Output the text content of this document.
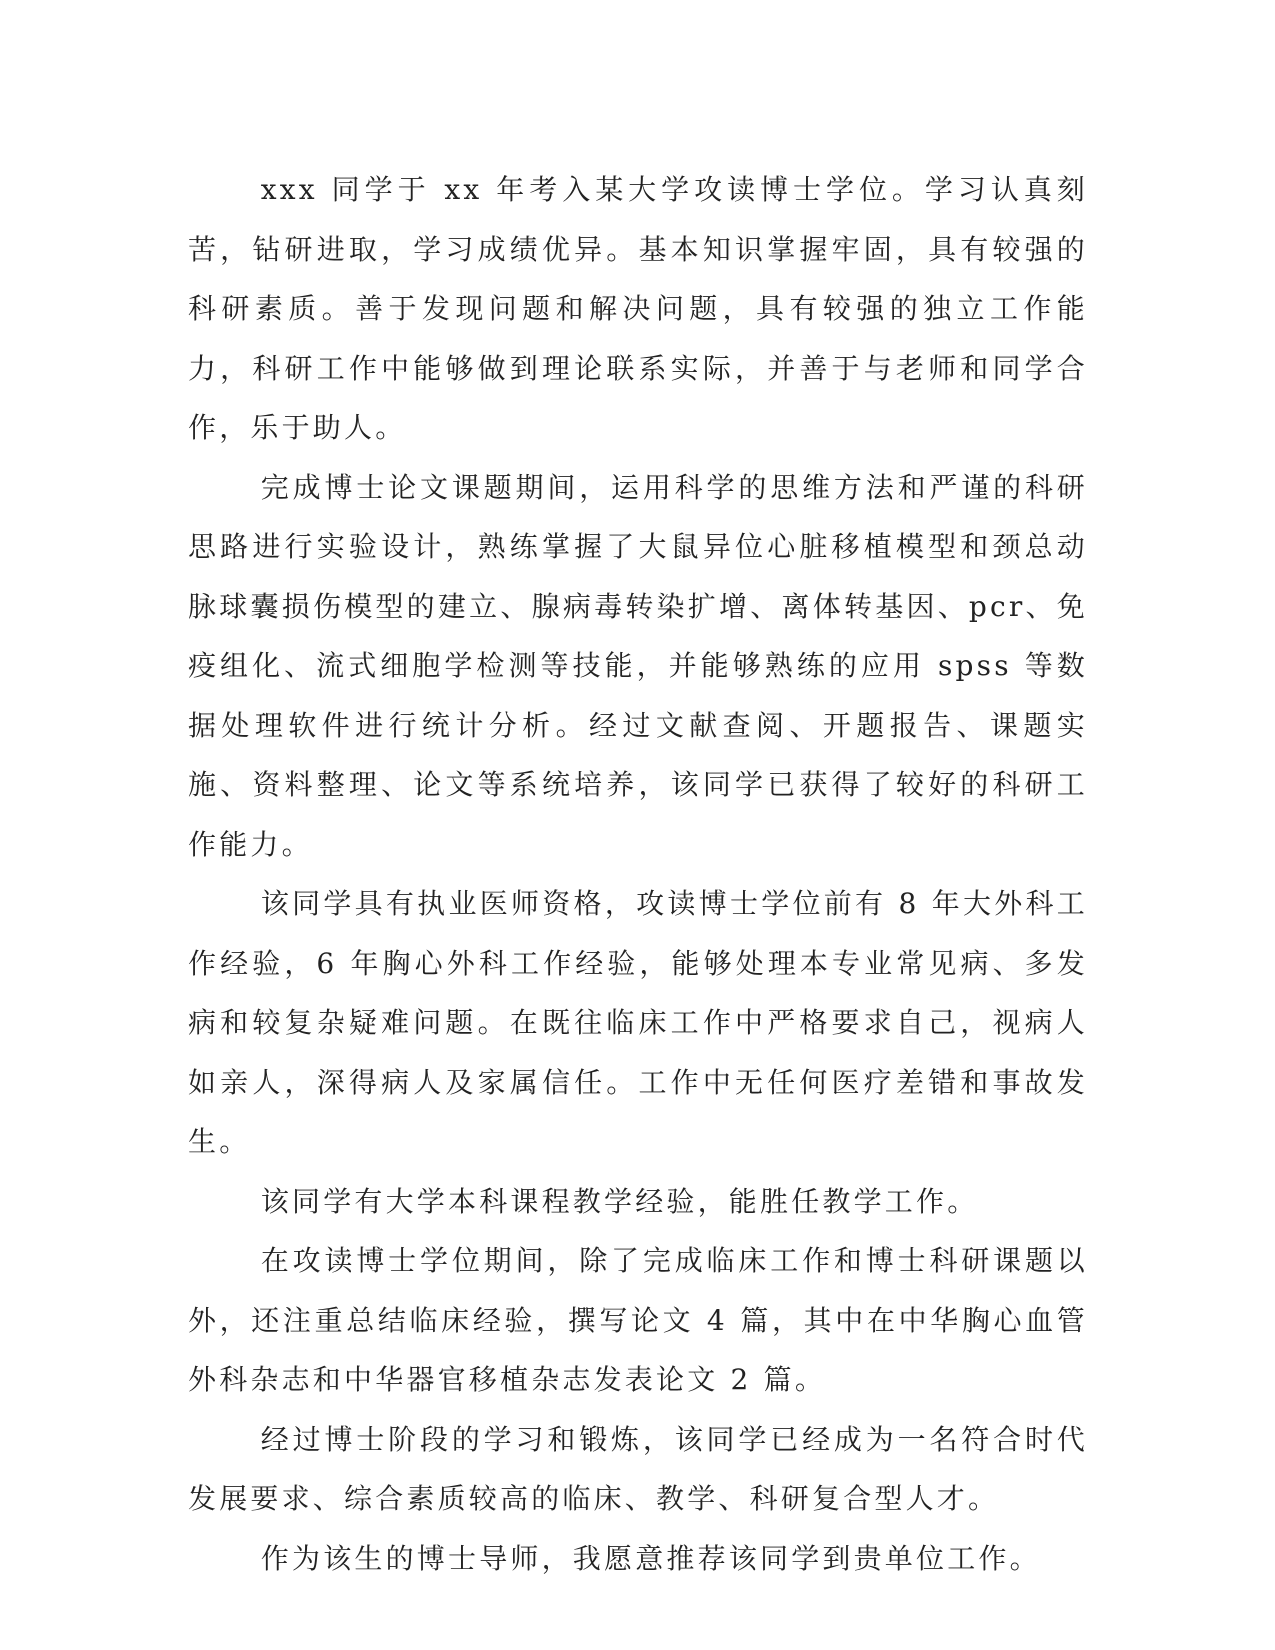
xxx 同学于 xx 年考入某大学攻读博士学位。学习认真刻苦，钻研进取，学习成绩优异。基本知识掌握牢固，具有较强的科研素质。善于发现问题和解决问题，具有较强的独立工作能力，科研工作中能够做到理论联系实际，并善于与老师和同学合作，乐于助人。

完成博士论文课题期间，运用科学的思维方法和严谨的科研思路进行实验设计，熟练掌握了大鼠异位心脏移植模型和颈总动脉球囊损伤模型的建立、腺病毒转染扩增、离体转基因、pcr、免疫组化、流式细胞学检测等技能，并能够熟练的应用 spss 等数据处理软件进行统计分析。经过文献查阅、开题报告、课题实施、资料整理、论文等系统培养，该同学已获得了较好的科研工作能力。

该同学具有执业医师资格，攻读博士学位前有 8 年大外科工作经验，6 年胸心外科工作经验，能够处理本专业常见病、多发病和较复杂疑难问题。在既往临床工作中严格要求自己，视病人如亲人，深得病人及家属信任。工作中无任何医疗差错和事故发生。

该同学有大学本科课程教学经验，能胜任教学工作。

在攻读博士学位期间，除了完成临床工作和博士科研课题以外，还注重总结临床经验，撰写论文 4 篇，其中在中华胸心血管外科杂志和中华器官移植杂志发表论文 2 篇。

经过博士阶段的学习和锻炼，该同学已经成为一名符合时代发展要求、综合素质较高的临床、教学、科研复合型人才。

作为该生的博士导师，我愿意推荐该同学到贵单位工作。
